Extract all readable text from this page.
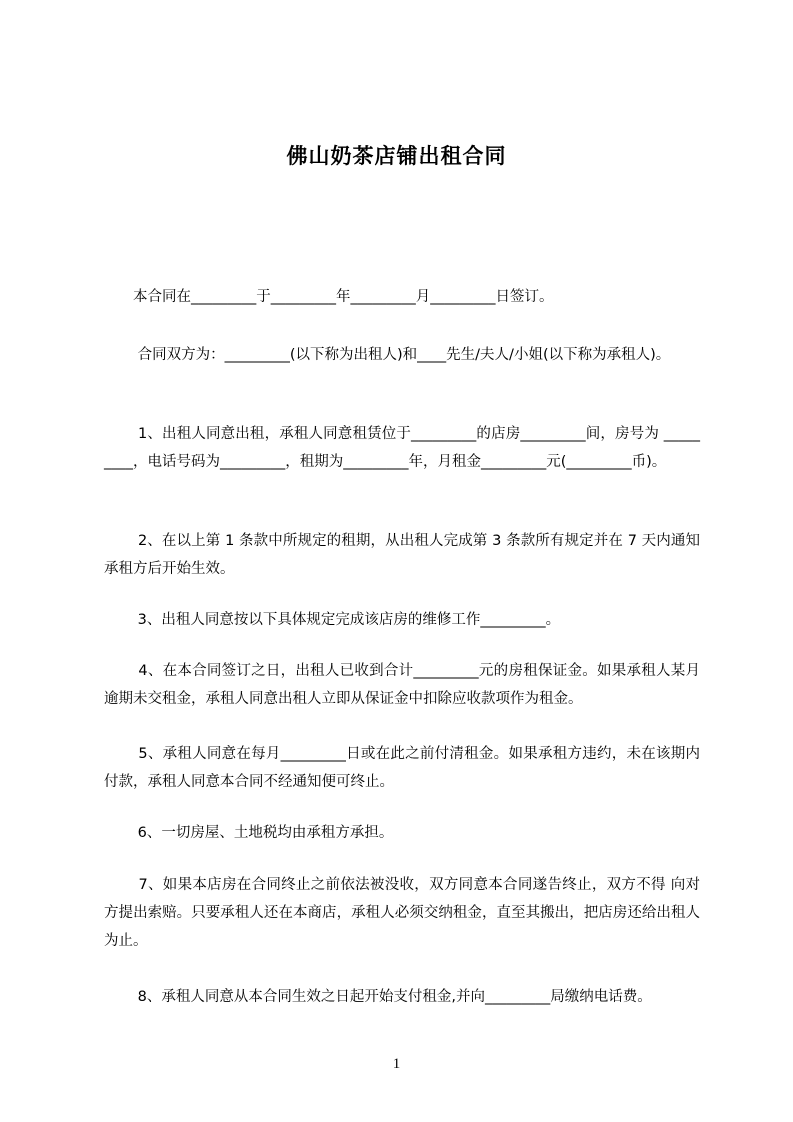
佛山奶茶店铺出租合同

　　本合同在_________于_________年_________月_________日签订。

　　 合同双方为：_________(以下称为出租人)和____先生/夫人/小姐(以下称为承租人)。

　　 1、出租人同意出租，承租人同意租赁位于_________的店房_________间，房号为 _________，电话号码为_________，租期为_________年，月租金_________元(_________币)。

　　 2、在以上第 1 条款中所规定的租期，从出租人完成第 3 条款所有规定并在 7 天内通知承租方后开始生效。

　　 3、出租人同意按以下具体规定完成该店房的维修工作_________。

　　 4、在本合同签订之日，出租人已收到合计_________元的房租保证金。如果承租人某月逾期未交租金，承租人同意出租人立即从保证金中扣除应收款项作为租金。

　　 5、承租人同意在每月_________日或在此之前付清租金。如果承租方违约，未在该期内付款，承租人同意本合同不经通知便可终止。

　　 6、一切房屋、土地税均由承租方承担。

　　 7、如果本店房在合同终止之前依法被没收，双方同意本合同遂告终止，双方不得 向对方提出索赔。只要承租人还在本商店，承租人必须交纳租金，直至其搬出，把店房还给出租人为止。

　　 8、承租人同意从本合同生效之日起开始支付租金,并向_________局缴纳电话费。

1
